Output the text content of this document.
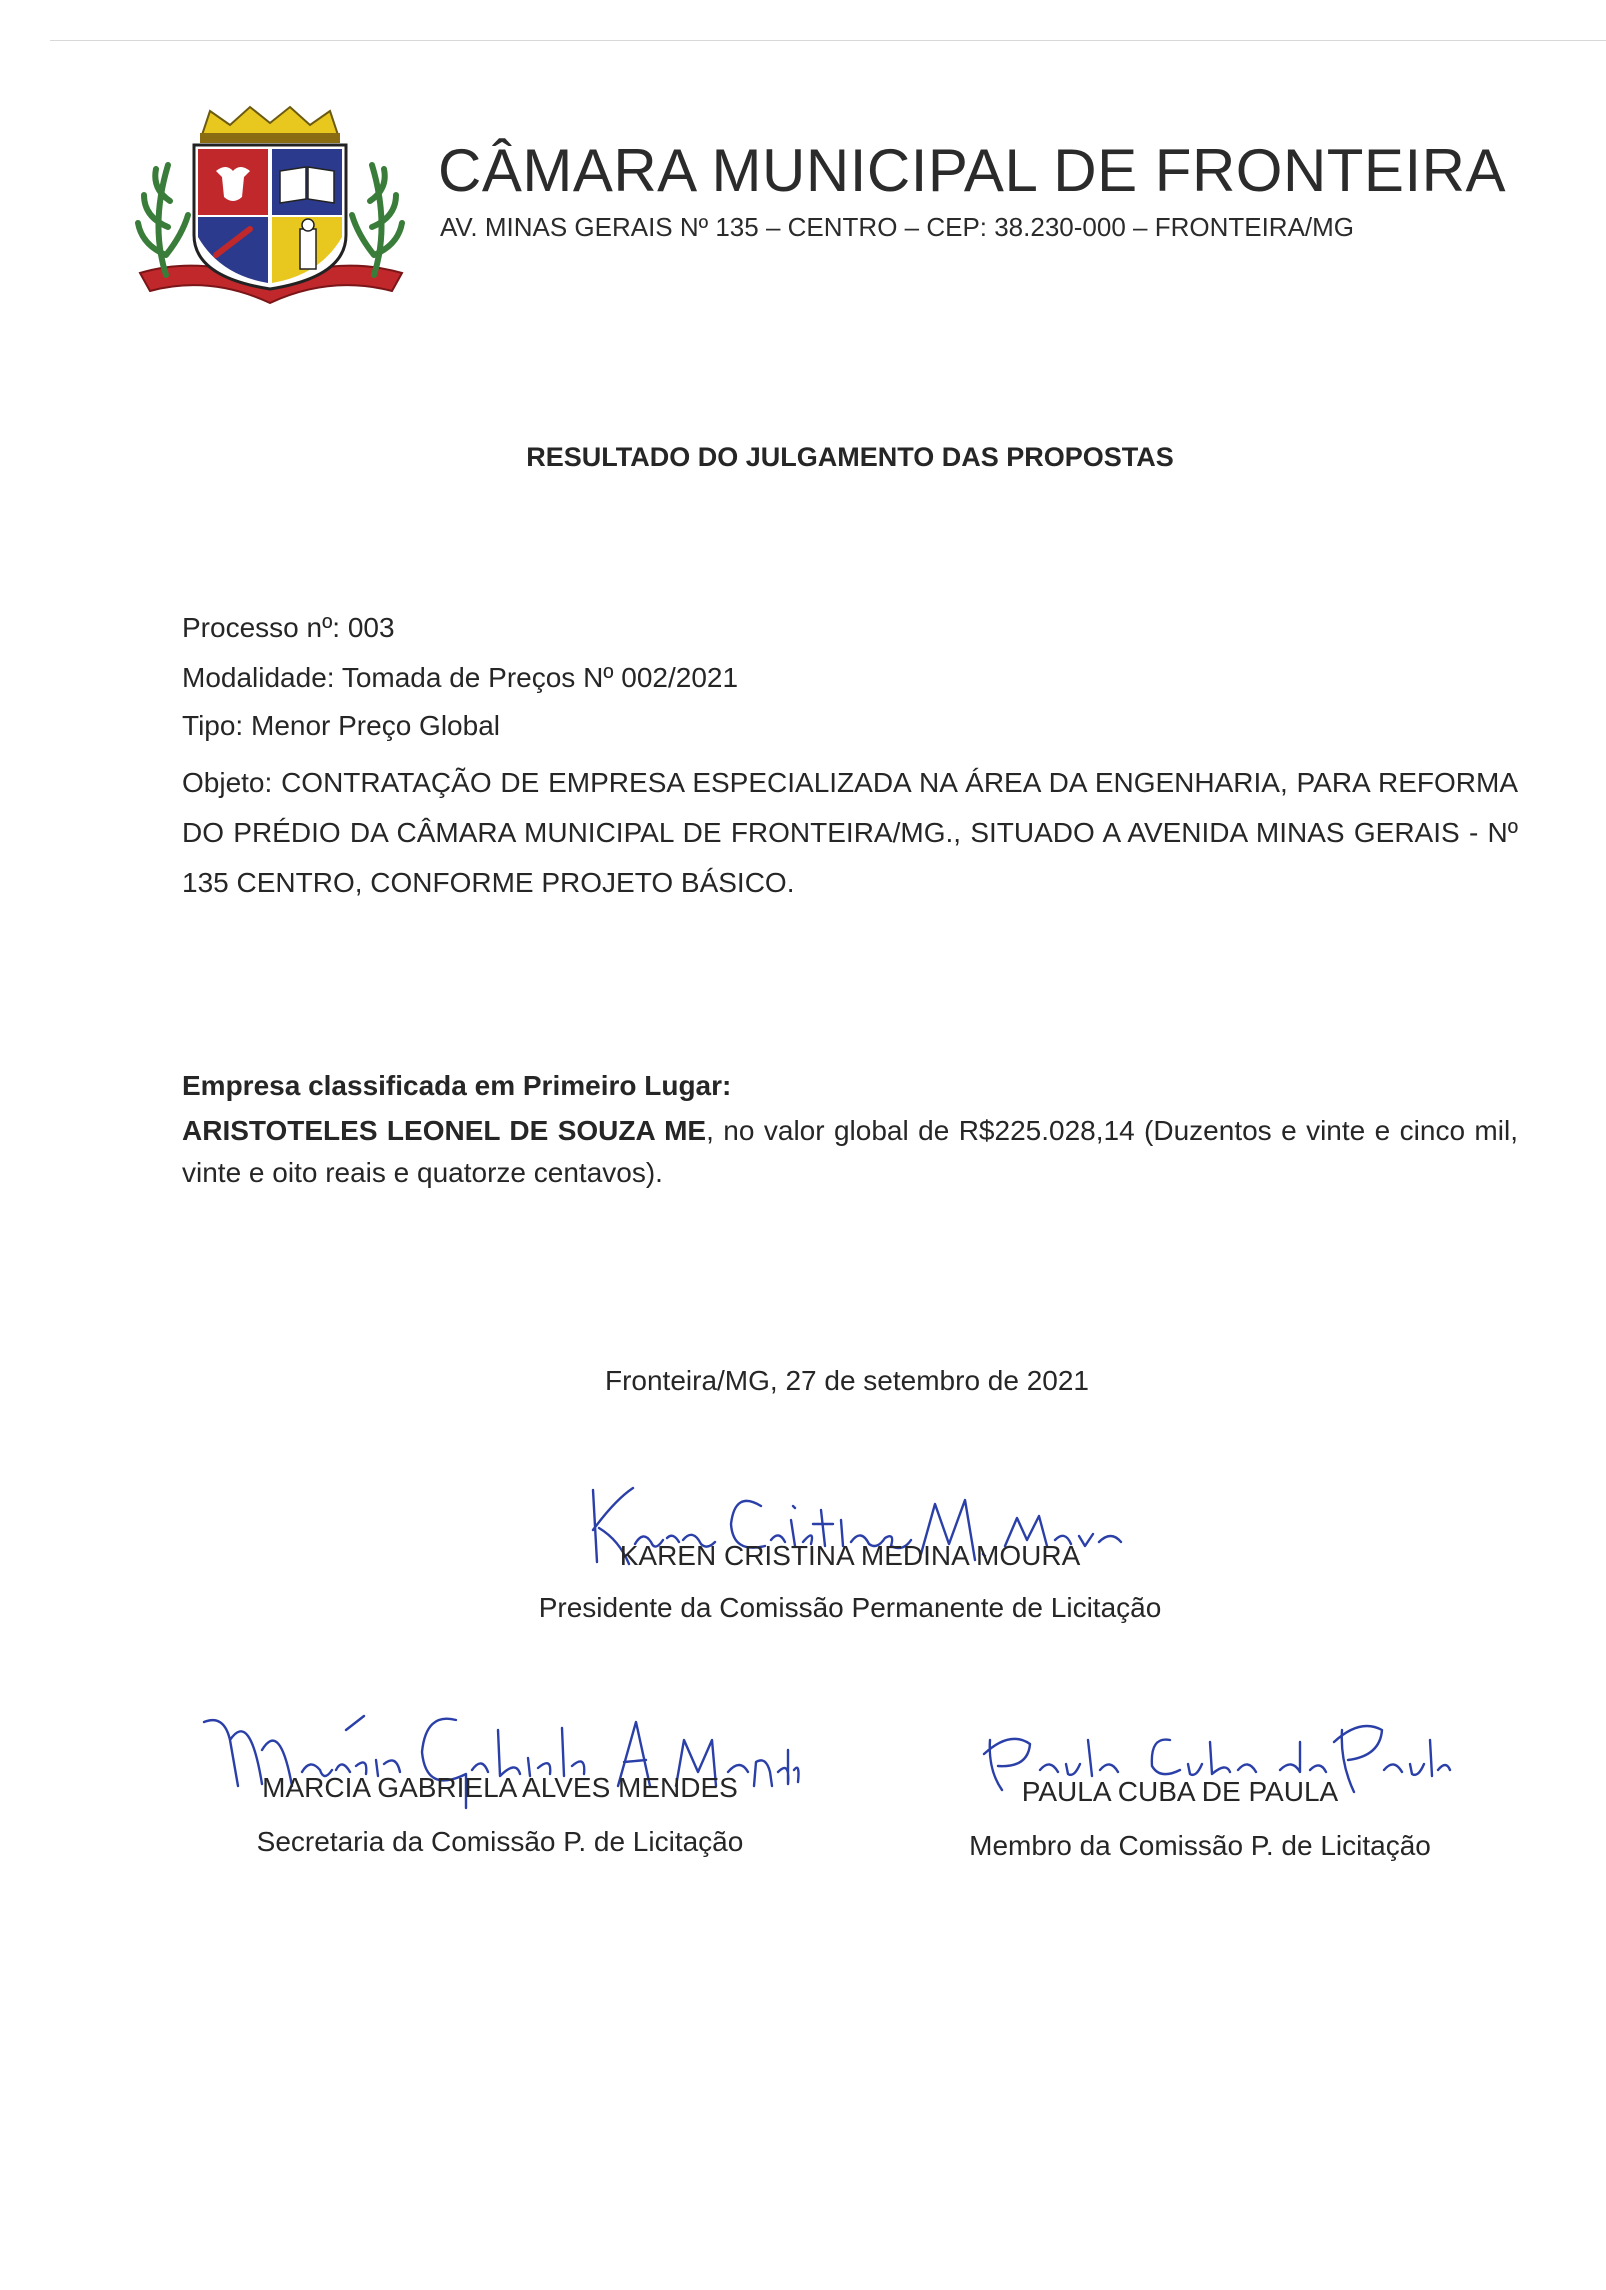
CÂMARA MUNICIPAL DE FRONTEIRA
AV. MINAS GERAIS Nº 135 – CENTRO – CEP: 38.230-000 – FRONTEIRA/MG
RESULTADO DO JULGAMENTO DAS PROPOSTAS
Processo nº: 003
Modalidade: Tomada de Preços Nº 002/2021
Tipo: Menor Preço Global
Objeto: CONTRATAÇÃO DE EMPRESA ESPECIALIZADA NA ÁREA DA ENGENHARIA, PARA REFORMA DO PRÉDIO DA CÂMARA MUNICIPAL DE FRONTEIRA/MG., SITUADO A AVENIDA MINAS GERAIS - Nº 135 CENTRO, CONFORME PROJETO BÁSICO.
Empresa classificada em Primeiro Lugar:
ARISTOTELES LEONEL DE SOUZA ME, no valor global de R$225.028,14 (Duzentos e vinte e cinco mil, vinte e oito reais e quatorze centavos).
Fronteira/MG, 27 de setembro de 2021
KAREN CRISTINA MEDINA MOURA
Presidente da Comissão Permanente de Licitação
MARCIA GABRIELA ALVES MENDES
Secretaria da Comissão P. de Licitação
PAULA CUBA DE PAULA
Membro da Comissão P. de Licitação
